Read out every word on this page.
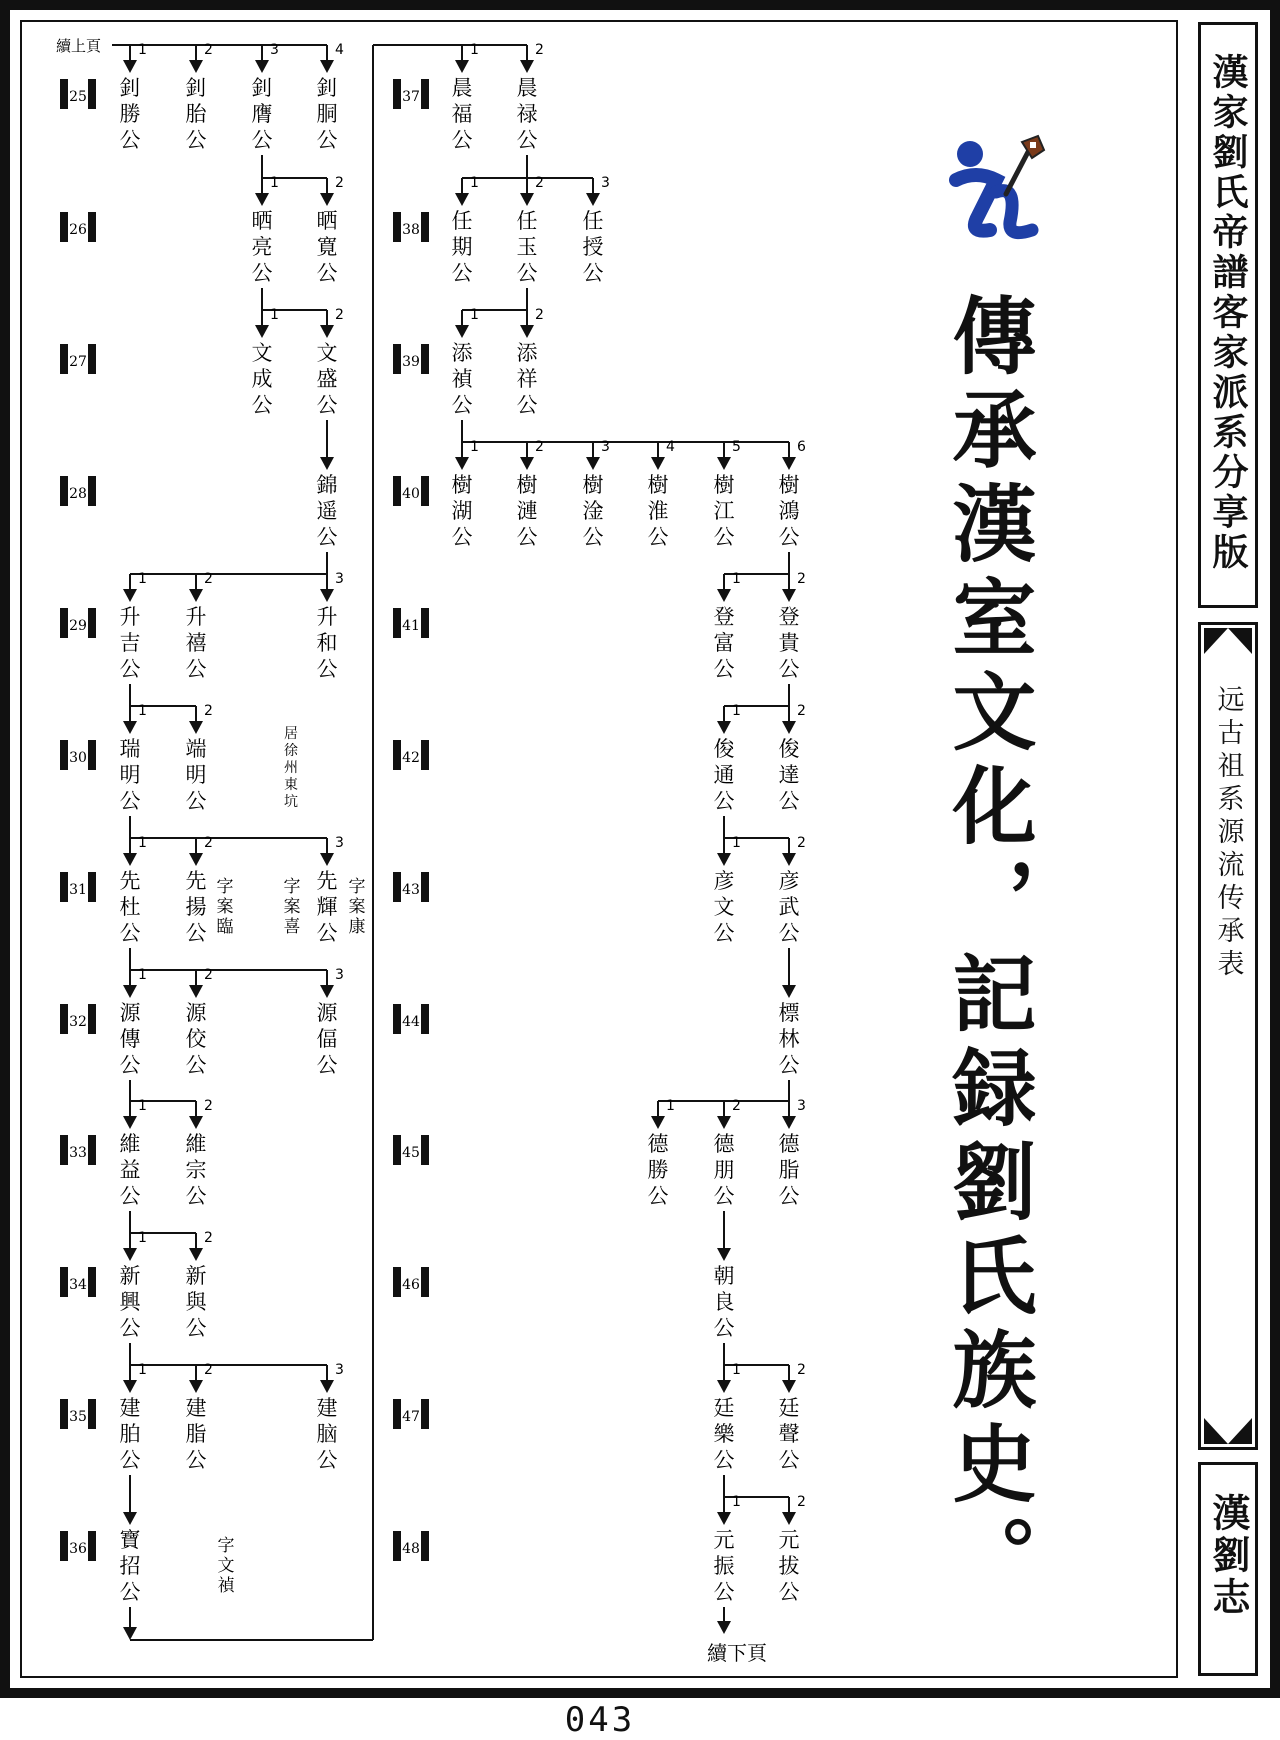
25	37
26	38
27	39
28	40
29	41
30	42
31	43
32	44
33	45
34	46
35	47
36	48
釗勝公
釗胎公
釗膺公
釗胴公
晒亮公
晒寛公
文成公
文盛公
錦遥公
升吉公
升禧公
升和公
瑞明公
端明公
先杜公
先揚公
先輝公
源傳公
源佼公
源偪公
維益公
維宗公
新興公
新與公
建胉公
建脂公
建脑公
寶招公
晨福公
晨禄公
任期公
任玉公
任授公
添禎公
添祥公
樹湖公
樹漣公
樹淦公
樹淮公
樹江公
樹鴻公
登富公
登貴公
俊通公
俊達公
彦文公
彦武公
標林公
德勝公
德朋公
德脂公
朝良公
廷樂公
廷聲公
元振公
元拔公
1	2	3	4
1	2
1	2
1	2	3
1	2
1	2	3
1	2	3
1	2
1	2
1	2	3
1	2
1	2	3
1	2
1	2	3	4	5	6
1	2
1	2
1	2
1	2	3
1	2
1	2
居徐州東坑
字案臨
字案喜
字案康
字文禎
續上頁
續下頁
傳承漢室文化，記録劉氏族史。	漢家劉氏帝譜客家派系分享版
远古祖系源流传承表
漢劉志
043
